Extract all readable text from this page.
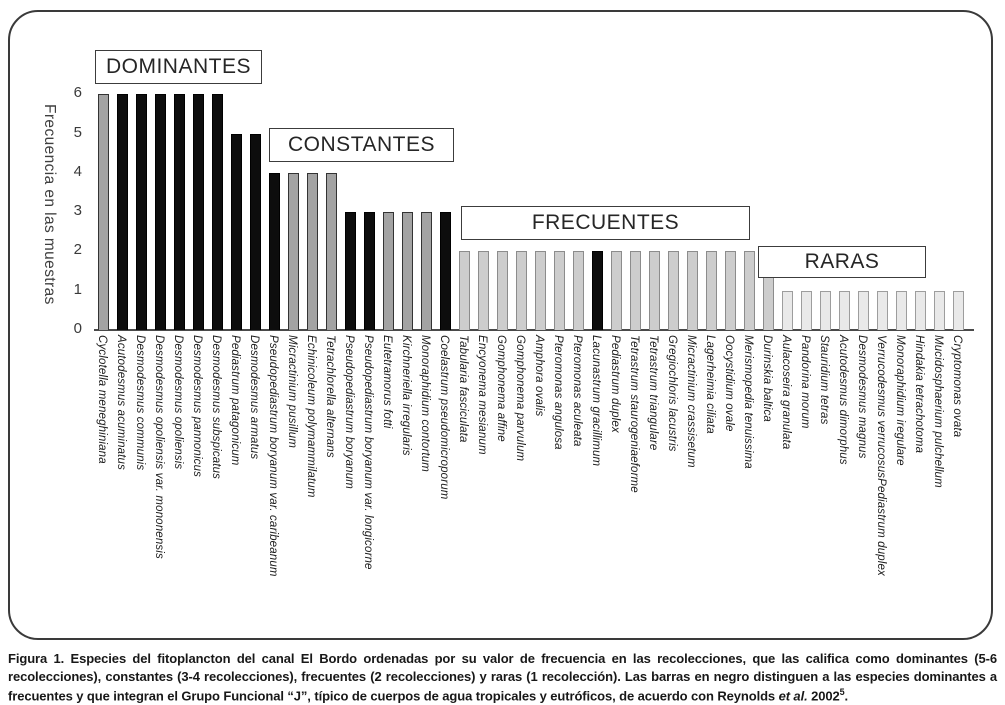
Frecuencia en las muestras
0
1
2
3
4
5
6
Cyclotella meneghiniana Acutodesmus acuminatus Desmodesmus communis Desmodesmus opoliensis var. mononensis Desmodesmus opoliensis Desmodesmus pannonicus Desmodesmus subspicatus Pediastrum patagonicum Desmodesmus armatus Pseudopediastrum boryanum var. caribeanum Micractinium pusillum Echinicoleum polymammilatum Tetrachlorella alternans Pseudopediastrum boryanum Pseudopediastrum boryanum var. longicorne Eutetramorus fotti Kirchneriella irregularis Monoraphidium contortum Coelastrum pseudomicroporum Tabularia fasciculata Encyonema mesianum Gomphonema affine Gomphonema parvulum Amphora ovalis Pteromonas angulosa Pteromonas aculeata Lacunastrum gracillimum Pediastrum duplex Tetrastrum staurogeniaeforme Tetrastrum triangulare Gregiochloris lacustris Micractinium crassisetum Lagerheimia ciliata Oocystidium ovale Merismopedia tenuissima Durinskia baltica Aulacoseira granulata Pandorina morum Stauridium tetras Acutodesmus dimorphus Desmodesmus magnus Verrucodesmus verrucosusPediastrum duplex Monoraphidium iregulare Hindakia tetrachotoma Mucidosphaerium pulchellum Cryptomonas ovata
DOMINANTES
CONSTANTES
FRECUENTES
RARAS

Figura 1. Especies del fitoplancton del canal El Bordo ordenadas por su valor de frecuencia en las recolecciones, que las califica como dominantes (5-6 recolecciones), constantes (3-4 recolecciones), frecuentes (2 recolecciones) y raras (1 recolección). Las barras en negro distinguen a las especies dominantes a frecuentes y que integran el Grupo Funcional “J”, típico de cuerpos de agua tropicales y eutróficos, de acuerdo con Reynolds et al. 2002$^5$.
